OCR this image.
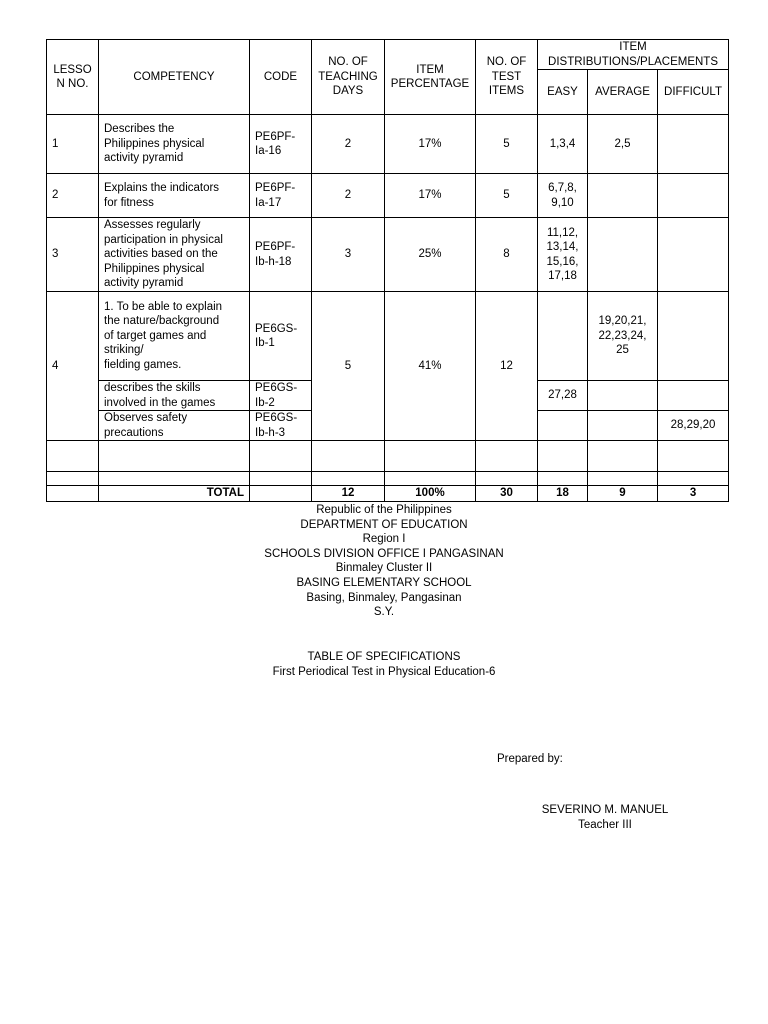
LESSO
N NO.	COMPETENCY	CODE	NO. OF
TEACHING
DAYS	ITEM
PERCENTAGE	NO. OF
TEST
ITEMS	ITEM
DISTRIBUTIONS/PLACEMENTS		
						EASY	AVERAGE	DIFFICULT
1	Describes the
Philippines physical
activity pyramid	PE6PF-
Ia-16	2	17%	5	1,3,4	2,5	
2	Explains the indicators
for fitness	PE6PF-
Ia-17	2	17%	5	6,7,8,
9,10		
3	Assesses regularly
participation in physical
activities based on the
Philippines physical
activity pyramid	PE6PF-
Ib-h-18	3	25%	8	11,12,
13,14,
15,16,
17,18		
4	1. To be able to explain
the nature/background
of target games and
striking/
fielding games.	PE6GS-
Ib-1	5	41%	12		19,20,21,
22,23,24,
25	
	describes the skills
involved in the games	PE6GS-
Ib-2				27,28		
	Observes safety
precautions	PE6GS-
Ib-h-3						28,29,20

	TOTAL		12	100%	30	18	9	3
Republic of the Philippines
DEPARTMENT OF EDUCATION
Region I
SCHOOLS DIVISION OFFICE I PANGASINAN
Binmaley Cluster II
BASING ELEMENTARY SCHOOL
Basing, Binmaley, Pangasinan
S.Y.
TABLE OF SPECIFICATIONS
First Periodical Test in Physical Education-6
Prepared by:
SEVERINO M. MANUEL
Teacher III
